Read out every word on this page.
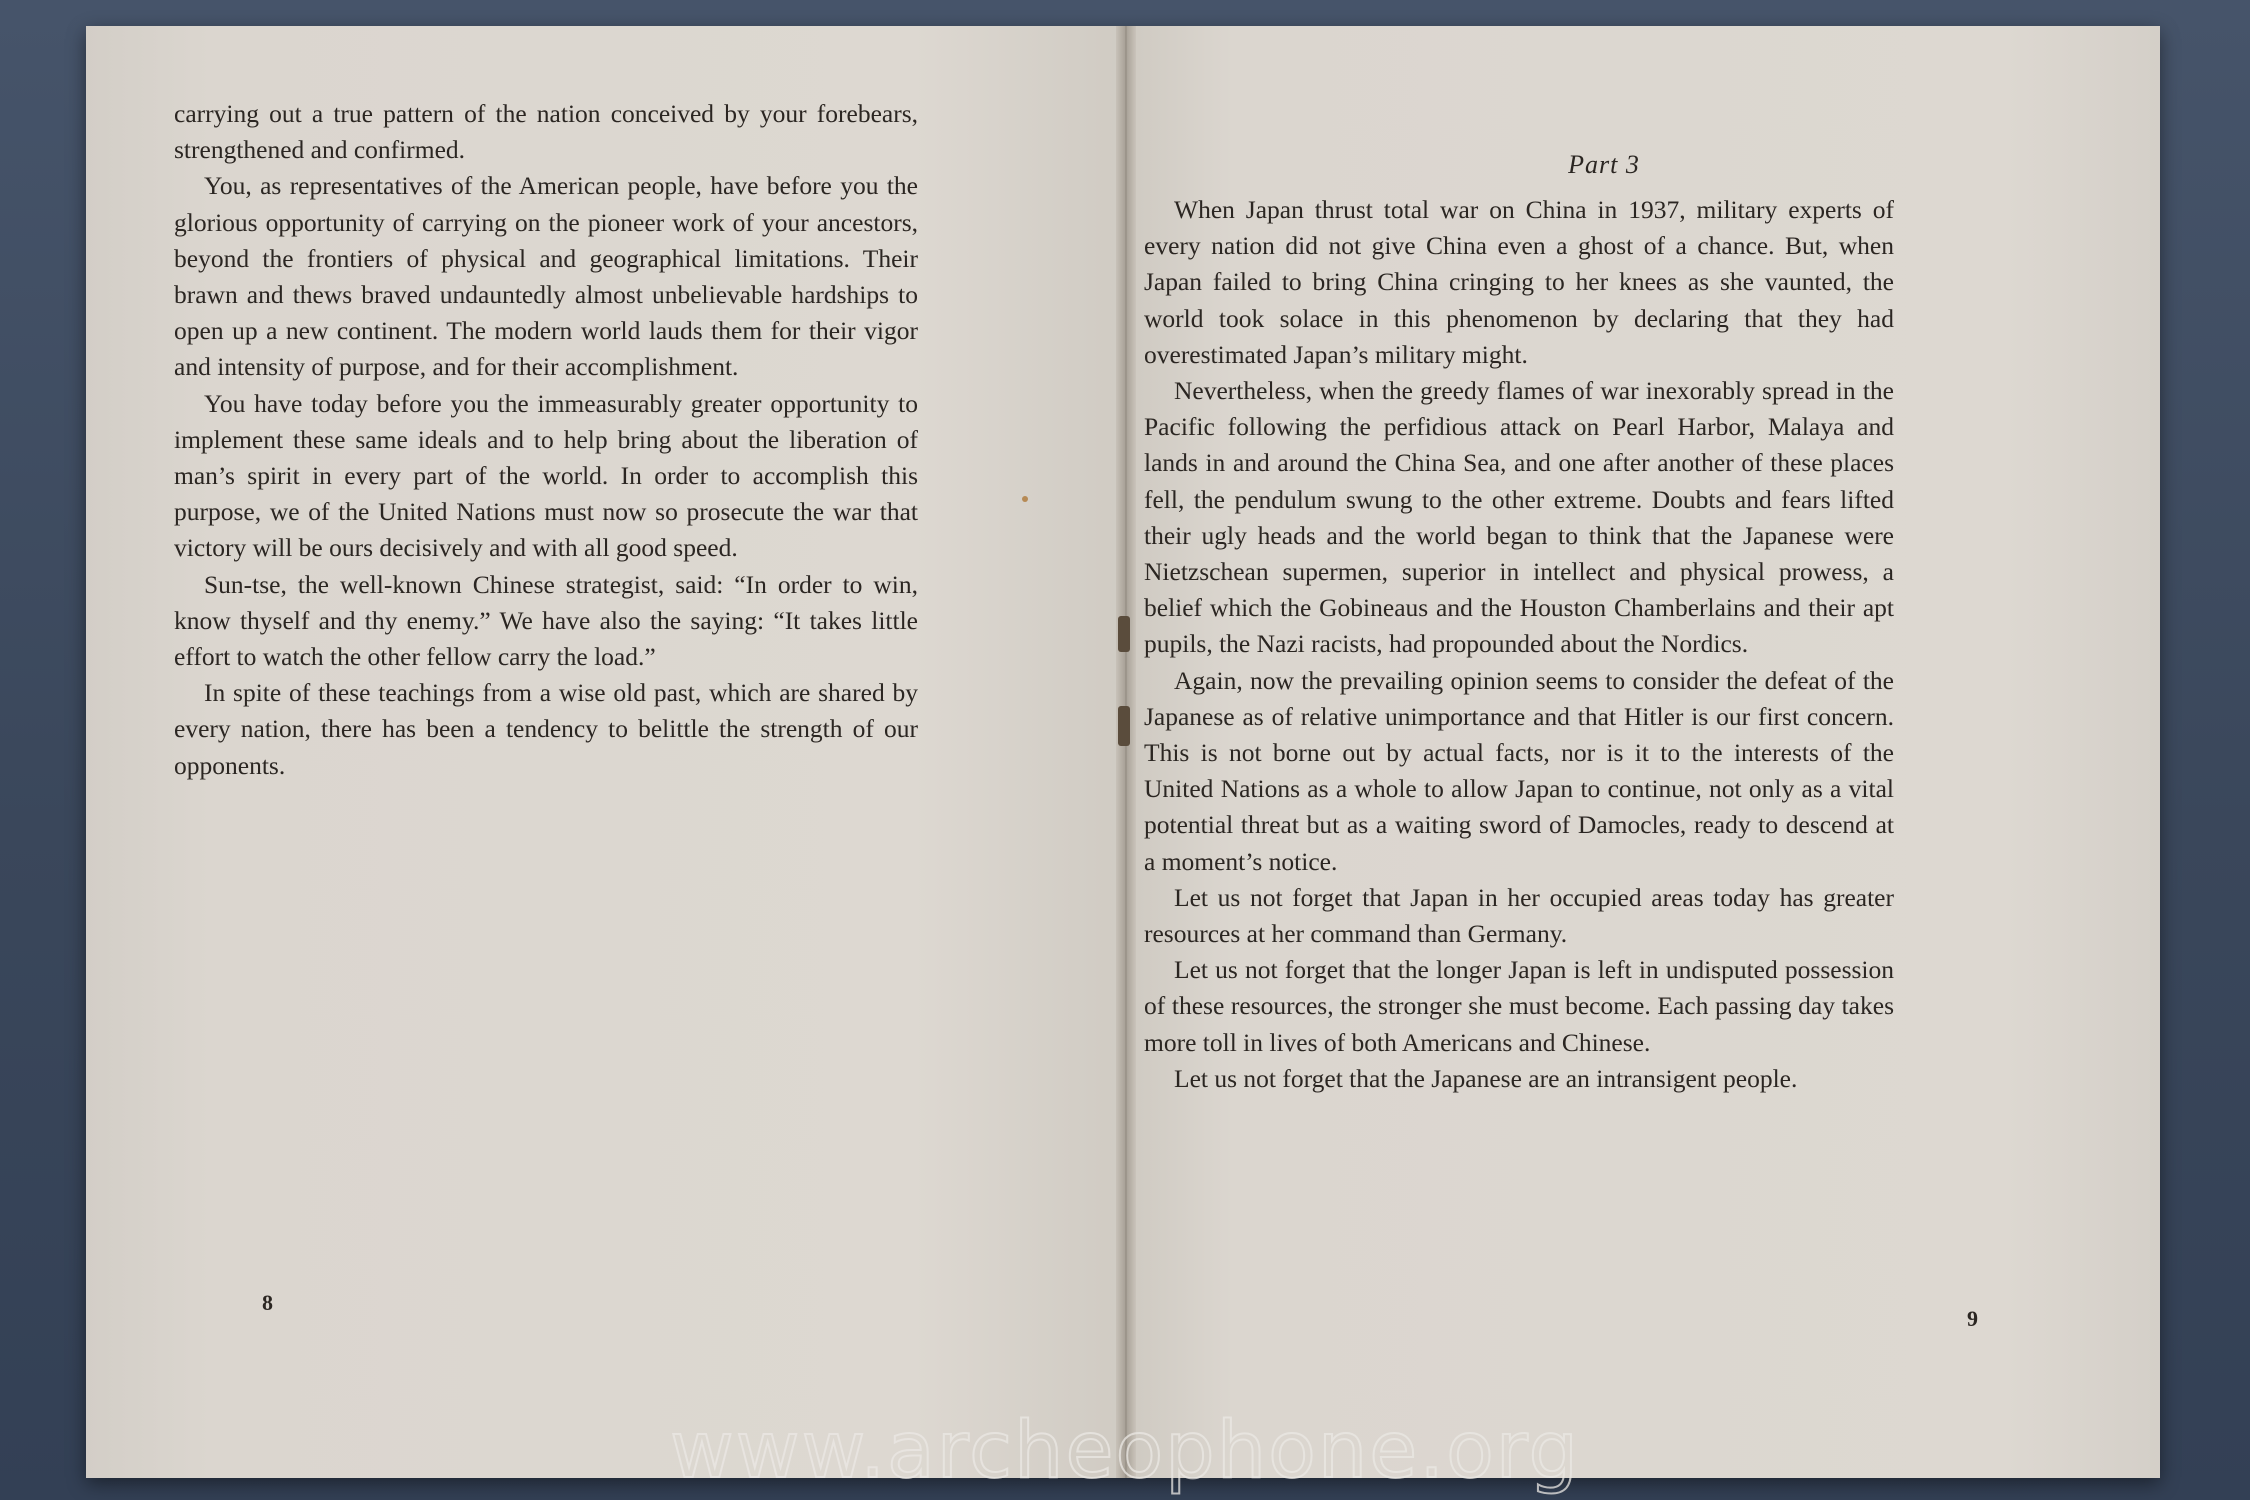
carrying out a true pattern of the nation conceived by your forebears, strengthened and confirmed.

You, as representatives of the American people, have before you the glorious opportunity of carrying on the pioneer work of your ancestors, beyond the frontiers of physical and geographical limitations. Their brawn and thews braved undauntedly almost unbelievable hardships to open up a new continent. The modern world lauds them for their vigor and intensity of purpose, and for their accomplishment.

You have today before you the immeasurably greater opportunity to implement these same ideals and to help bring about the liberation of man’s spirit in every part of the world. In order to accomplish this purpose, we of the United Nations must now so prosecute the war that victory will be ours decisively and with all good speed.

Sun-tse, the well-known Chinese strategist, said: “In order to win, know thyself and thy enemy.” We have also the saying: “It takes little effort to watch the other fellow carry the load.”

In spite of these teachings from a wise old past, which are shared by every nation, there has been a tendency to belittle the strength of our opponents.

Part 3

When Japan thrust total war on China in 1937, military experts of every nation did not give China even a ghost of a chance. But, when Japan failed to bring China cringing to her knees as she vaunted, the world took solace in this phenomenon by declaring that they had overestimated Japan’s military might.

Nevertheless, when the greedy flames of war inexorably spread in the Pacific following the perfidious attack on Pearl Harbor, Malaya and lands in and around the China Sea, and one after another of these places fell, the pendulum swung to the other extreme. Doubts and fears lifted their ugly heads and the world began to think that the Japanese were Nietzschean supermen, superior in intellect and physical prowess, a belief which the Gobineaus and the Houston Chamberlains and their apt pupils, the Nazi racists, had propounded about the Nordics.

Again, now the prevailing opinion seems to consider the defeat of the Japanese as of relative unimportance and that Hitler is our first concern. This is not borne out by actual facts, nor is it to the interests of the United Nations as a whole to allow Japan to continue, not only as a vital potential threat but as a waiting sword of Damocles, ready to descend at a moment’s notice.

Let us not forget that Japan in her occupied areas today has greater resources at her command than Germany.

Let us not forget that the longer Japan is left in undisputed possession of these resources, the stronger she must become. Each passing day takes more toll in lives of both Americans and Chinese.

Let us not forget that the Japanese are an intransigent people.

8
9
www.archeophone.org
